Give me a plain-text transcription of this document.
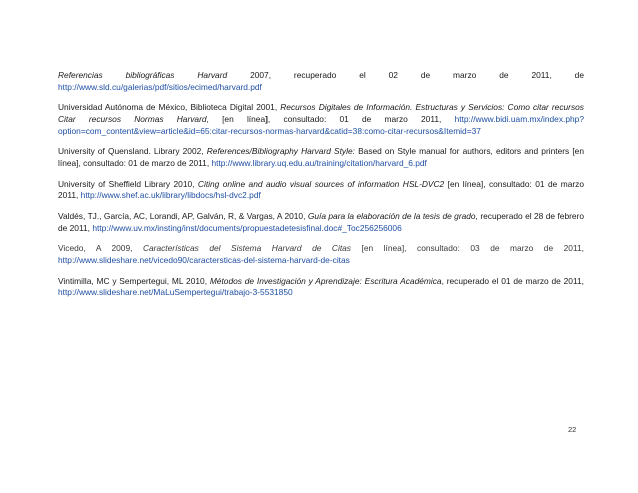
Referencias	bibliográficas	Harvard	2007,	recuperado	el	02	de	marzo	de	2011,	de
http://www.sld.cu/galerias/pdf/sitios/ecimed/harvard.pdf
Universidad Autónoma de México, Biblioteca Digital 2001, Recursos Digitales de Información. Estructuras y Servicios: Como citar recursos Citar recursos Normas Harvard, [en línea], consultado: 01 de marzo 2011, http://www.bidi.uam.mx/index.php?option=com_content&view=article&id=65:citar-recursos-normas-harvard&catid=38:como-citar-recursos&Itemid=37
University of Quensland. Library 2002, References/Bibliography Harvard Style: Based on Style manual for authors, editors and printers [en línea], consultado: 01 de marzo de 2011, http://www.library.uq.edu.au/training/citation/harvard_6.pdf
University of Sheffield Library 2010, Citing online and audio visual sources of information HSL-DVC2 [en línea], consultado: 01 de marzo 2011, http://www.shef.ac.uk/library/libdocs/hsl-dvc2.pdf
Valdés, TJ., García, AC, Lorandi, AP, Galván, R, & Vargas, A 2010, Guía para la elaboración de la tesis de grado, recuperado el 28 de febrero de 2011, http://www.uv.mx/insting/inst/documents/propuestadetesisfinal.doc#_Toc256256006
Vicedo, A 2009, Características del Sistema Harvard de Citas [en línea], consultado: 03 de marzo de 2011, http://www.slideshare.net/vicedo90/caractersticas-del-sistema-harvard-de-citas
Vintimilla, MC y Sempertegui, ML 2010, Métodos de Investigación y Aprendizaje: Escritura Académica, recuperado el 01 de marzo de 2011, http://www.slideshare.net/MaLuSempertegui/trabajo-3-5531850
22
